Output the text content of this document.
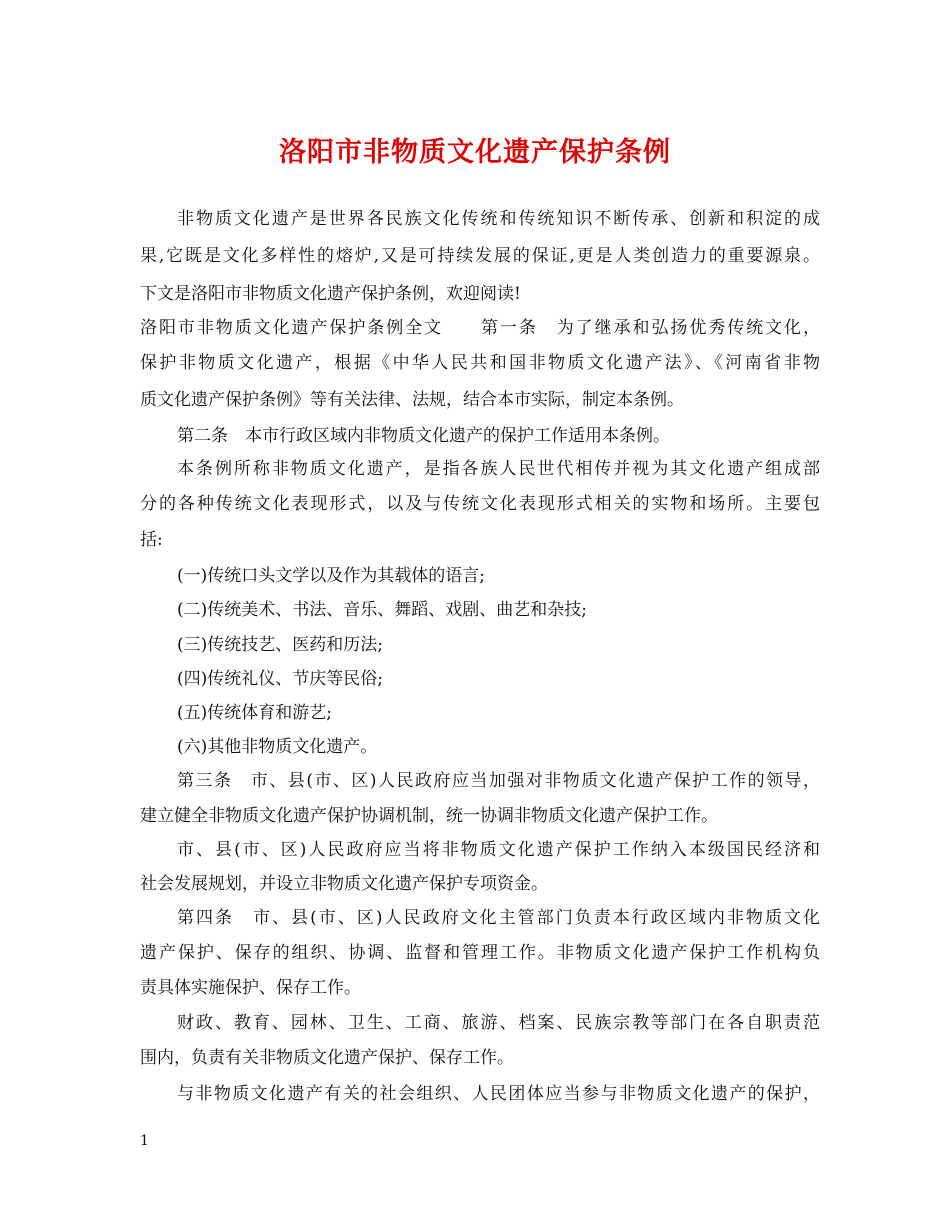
洛阳市非物质文化遗产保护条例
非物质文化遗产是世界各民族文化传统和传统知识不断传承、创新和积淀的成
果,它既是文化多样性的熔炉,又是可持续发展的保证,更是人类创造力的重要源泉。
下文是洛阳市非物质文化遗产保护条例，欢迎阅读!
洛阳市非物质文化遗产保护条例全文　　第一条　为了继承和弘扬优秀传统文化，
保护非物质文化遗产，根据《中华人民共和国非物质文化遗产法》、《河南省非物
质文化遗产保护条例》等有关法律、法规，结合本市实际，制定本条例。
第二条　本市行政区域内非物质文化遗产的保护工作适用本条例。
本条例所称非物质文化遗产，是指各族人民世代相传并视为其文化遗产组成部
分的各种传统文化表现形式，以及与传统文化表现形式相关的实物和场所。主要包
括:
(一)传统口头文学以及作为其载体的语言;
(二)传统美术、书法、音乐、舞蹈、戏剧、曲艺和杂技;
(三)传统技艺、医药和历法;
(四)传统礼仪、节庆等民俗;
(五)传统体育和游艺;
(六)其他非物质文化遗产。
第三条　市、县(市、区)人民政府应当加强对非物质文化遗产保护工作的领导，
建立健全非物质文化遗产保护协调机制，统一协调非物质文化遗产保护工作。
市、县(市、区)人民政府应当将非物质文化遗产保护工作纳入本级国民经济和
社会发展规划，并设立非物质文化遗产保护专项资金。
第四条　市、县(市、区)人民政府文化主管部门负责本行政区域内非物质文化
遗产保护、保存的组织、协调、监督和管理工作。非物质文化遗产保护工作机构负
责具体实施保护、保存工作。
财政、教育、园林、卫生、工商、旅游、档案、民族宗教等部门在各自职责范
围内，负责有关非物质文化遗产保护、保存工作。
与非物质文化遗产有关的社会组织、人民团体应当参与非物质文化遗产的保护，
1
